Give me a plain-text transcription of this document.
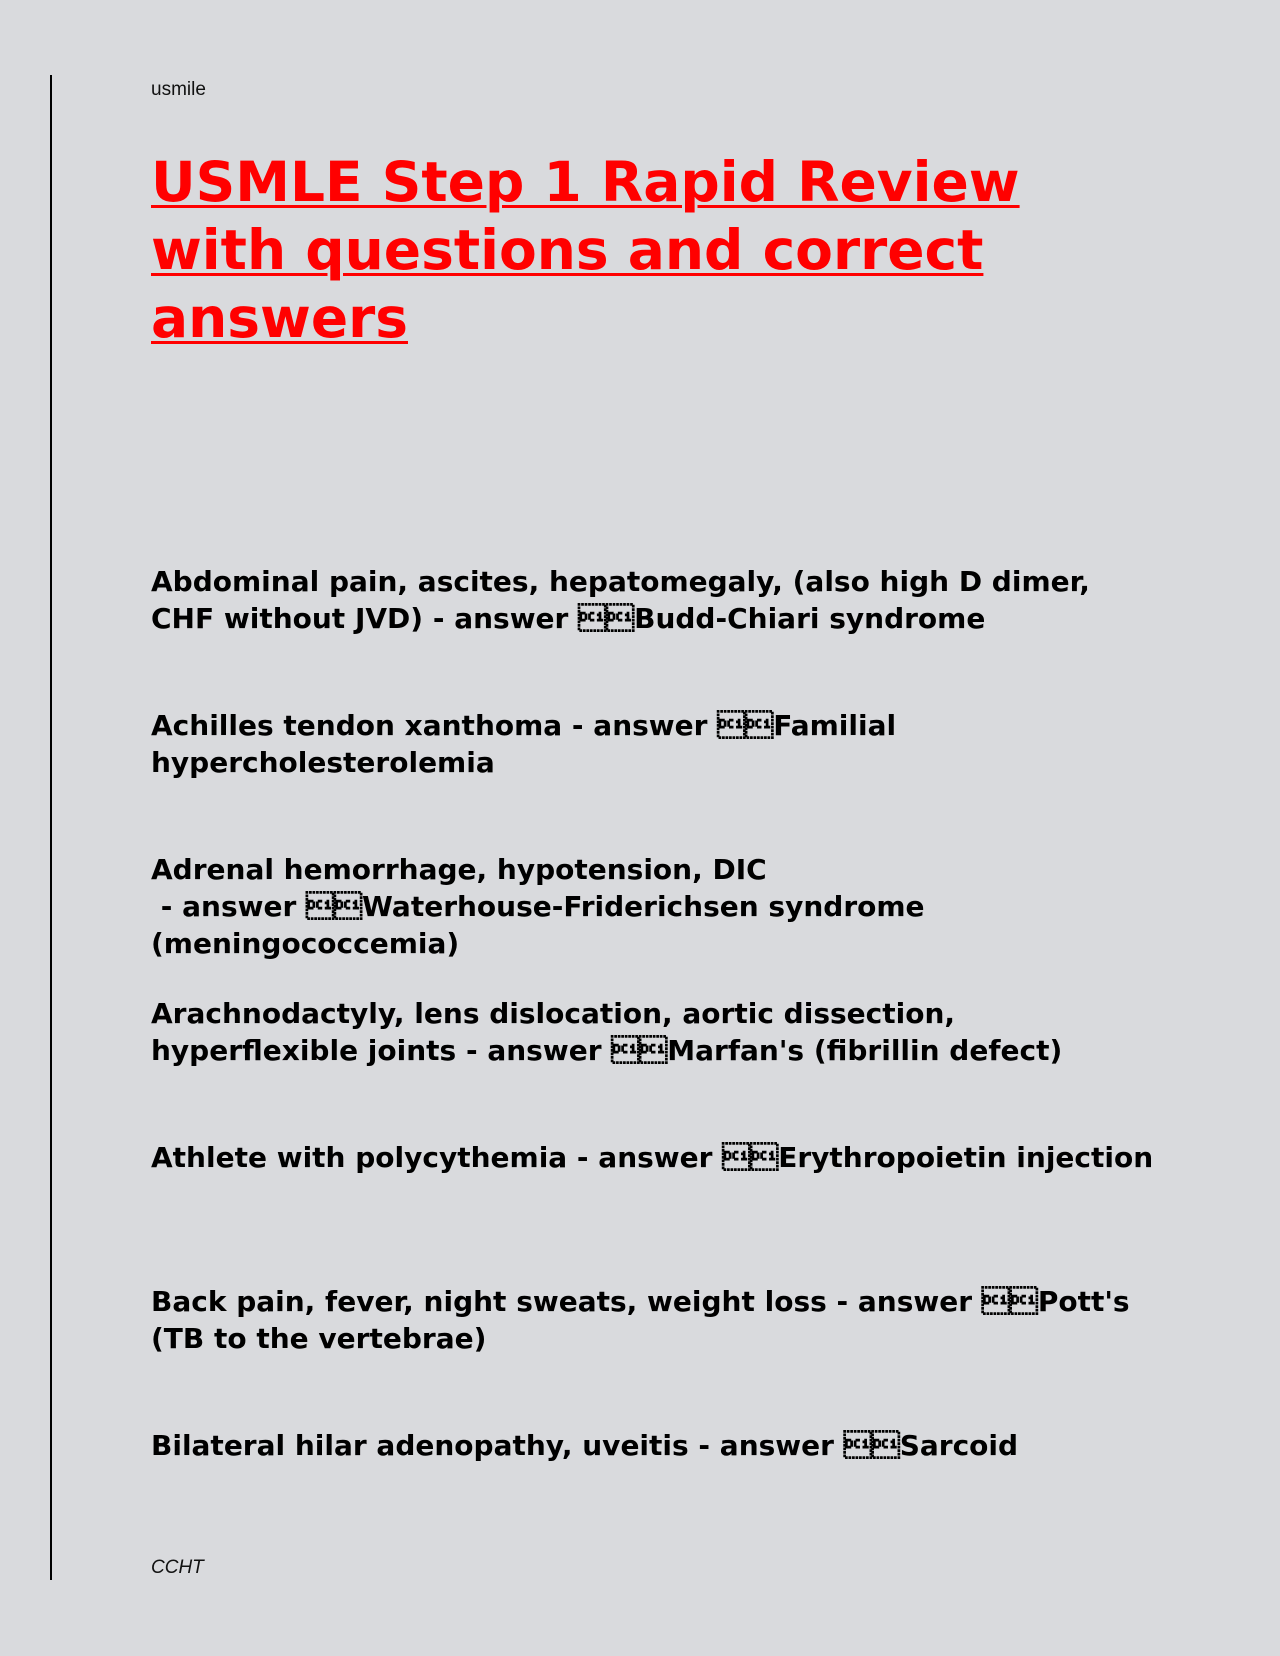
usmile
USMLE Step 1 Rapid Review with questions and correct answers
Abdominal pain, ascites, hepatomegaly, (also high D dimer, CHF without JVD) - answer Budd-Chiari syndrome
Achilles tendon xanthoma - answer Familial hypercholesterolemia
Adrenal hemorrhage, hypotension, DIC - answer Waterhouse-Friderichsen syndrome (meningococcemia)
Arachnodactyly, lens dislocation, aortic dissection, hyperflexible joints - answer Marfan's (fibrillin defect)
Athlete with polycythemia - answer Erythropoietin injection
Back pain, fever, night sweats, weight loss - answer Pott's (TB to the vertebrae)
Bilateral hilar adenopathy, uveitis - answer Sarcoid
CCHT
